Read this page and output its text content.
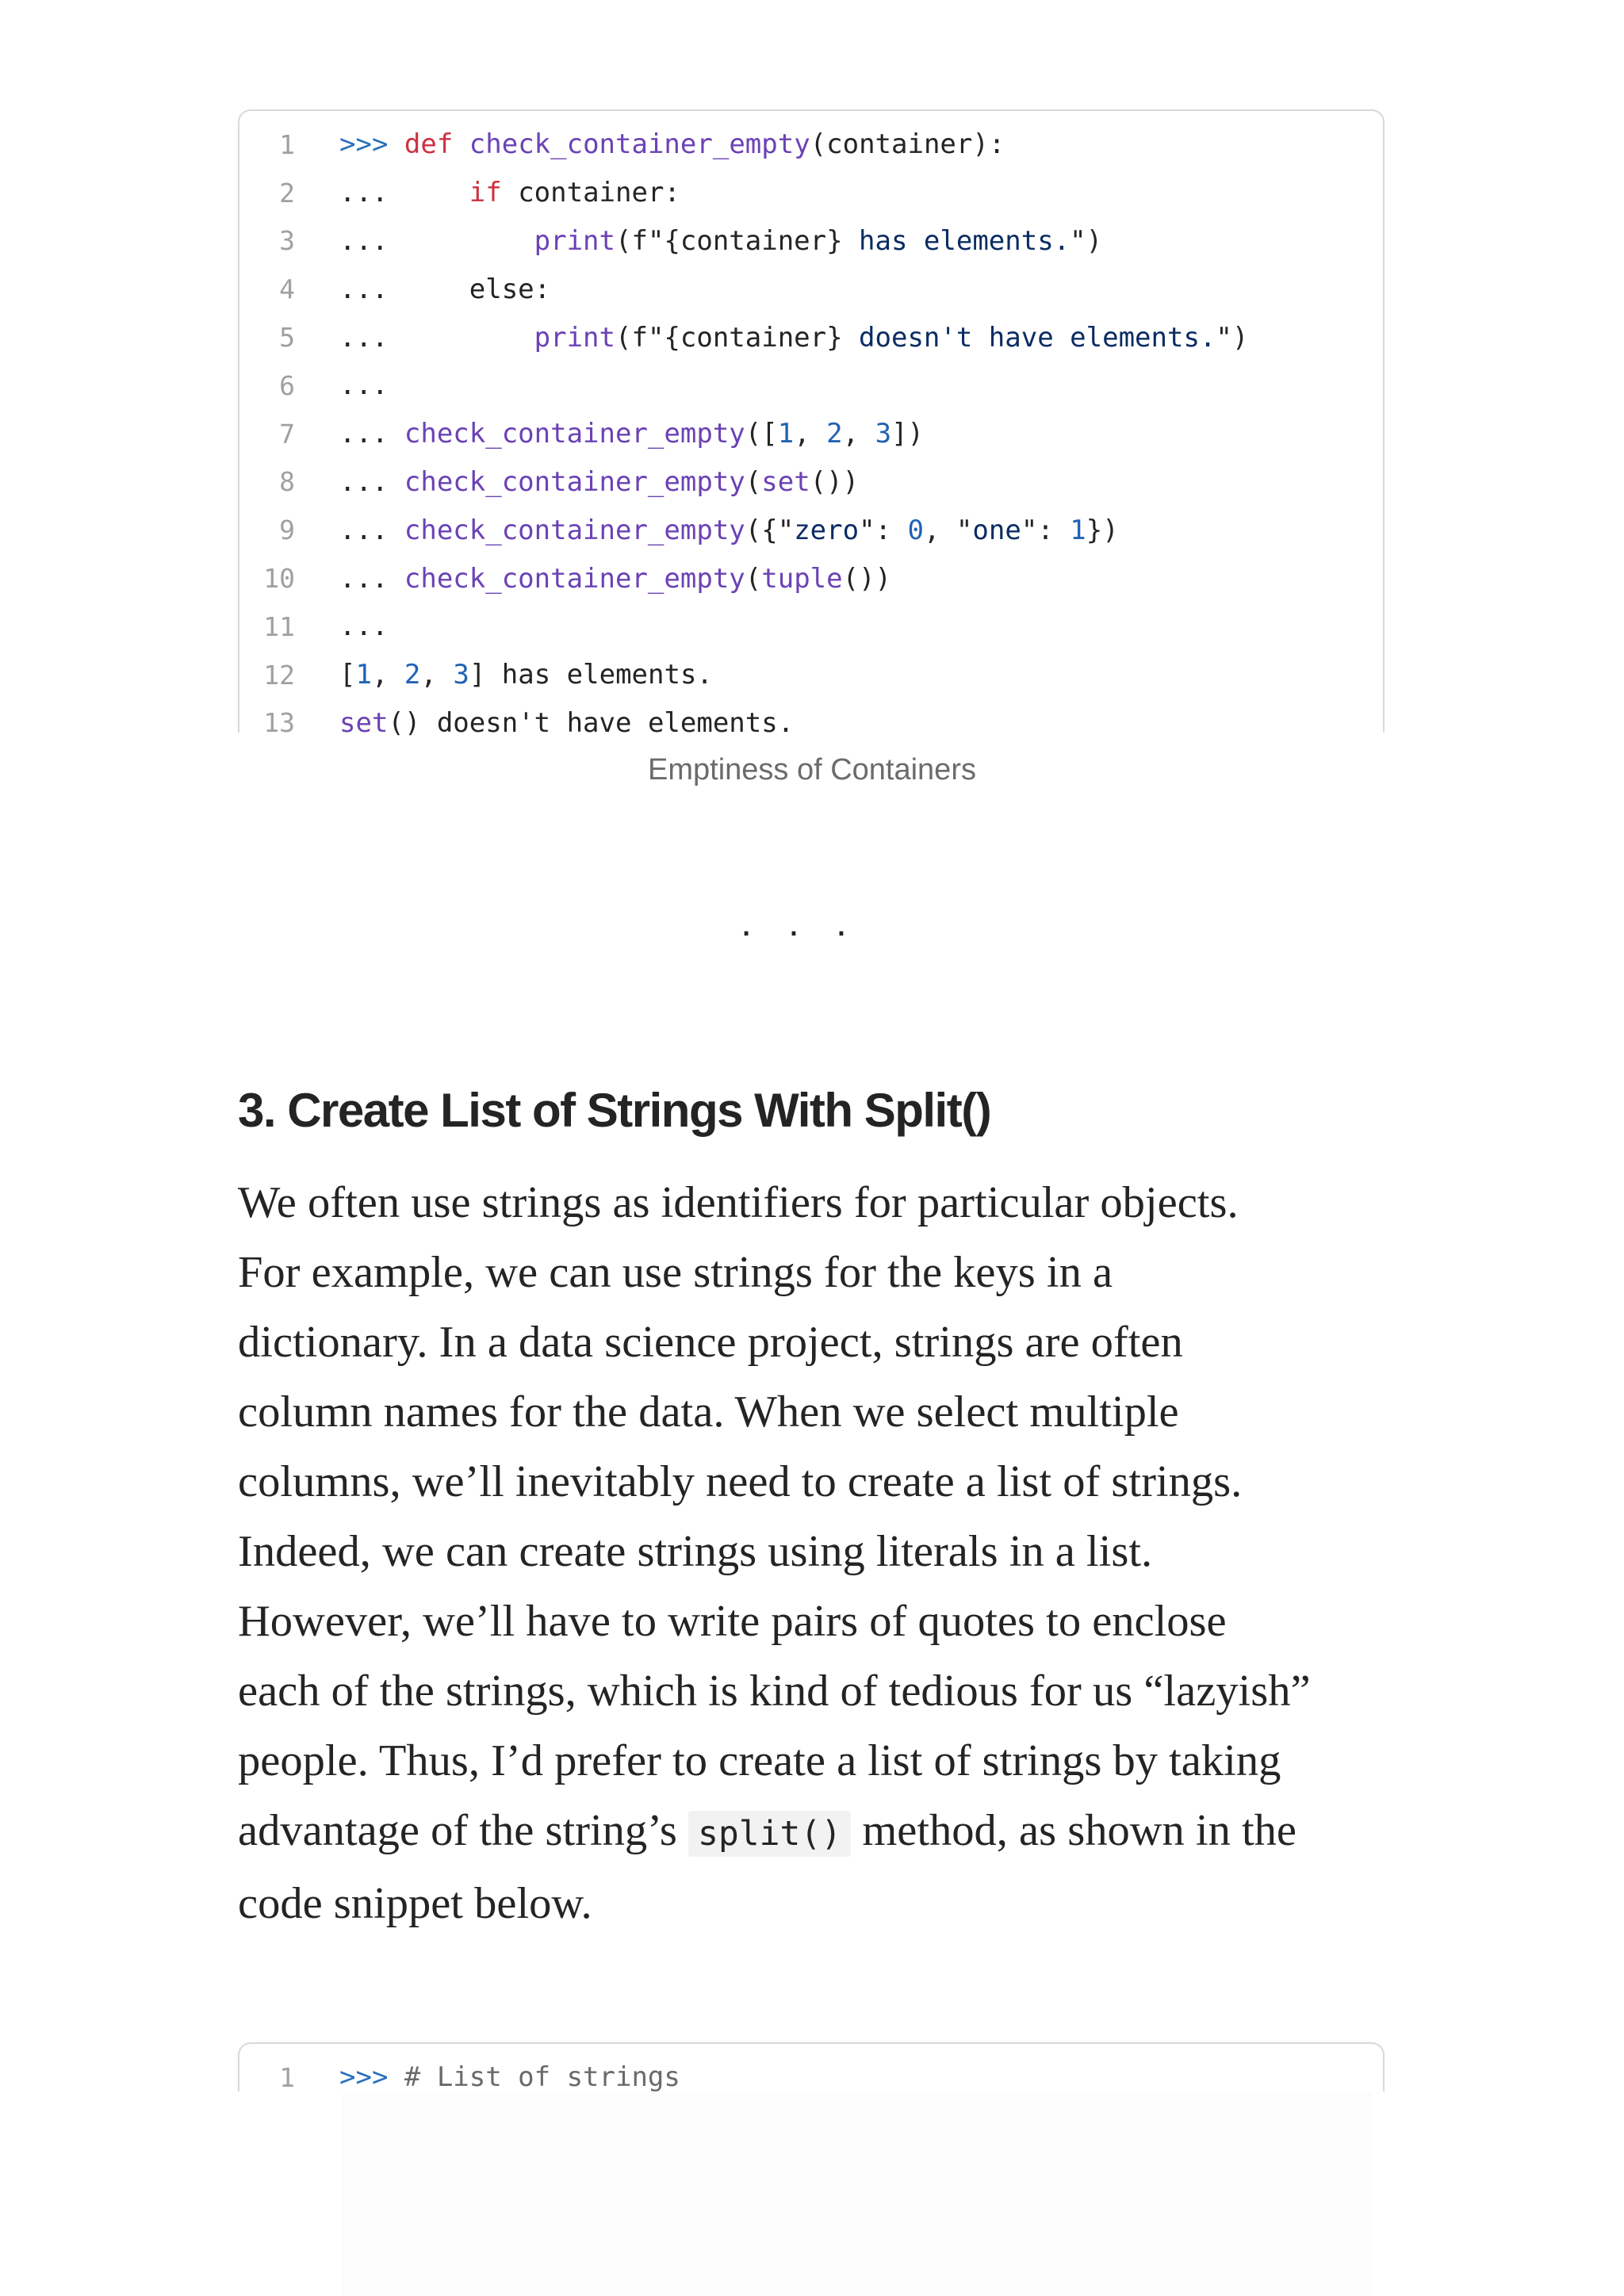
1	>>> def check_container_empty(container):
2	...     if container:
3	...         print(f"{container} has elements.")
4	...     else:
5	...         print(f"{container} doesn't have elements.")
6	...
7	... check_container_empty([1, 2, 3])
8	... check_container_empty(set())
9	... check_container_empty({"zero": 0, "one": 1})
10	... check_container_empty(tuple())
11	...
12	[1, 2, 3] has elements.
13	set() doesn't have elements.
Emptiness of Containers
...
3. Create List of Strings With Split()

We often use strings as identifiers for particular objects.
For example, we can use strings for the keys in a
dictionary. In a data science project, strings are often
column names for the data. When we select multiple
columns, we’ll inevitably need to create a list of strings.
Indeed, we can create strings using literals in a list.
However, we’ll have to write pairs of quotes to enclose
each of the strings, which is kind of tedious for us “lazyish”
people. Thus, I’d prefer to create a list of strings by taking
advantage of the string’s split() method, as shown in the
code snippet below.

1	>>> # List of strings
